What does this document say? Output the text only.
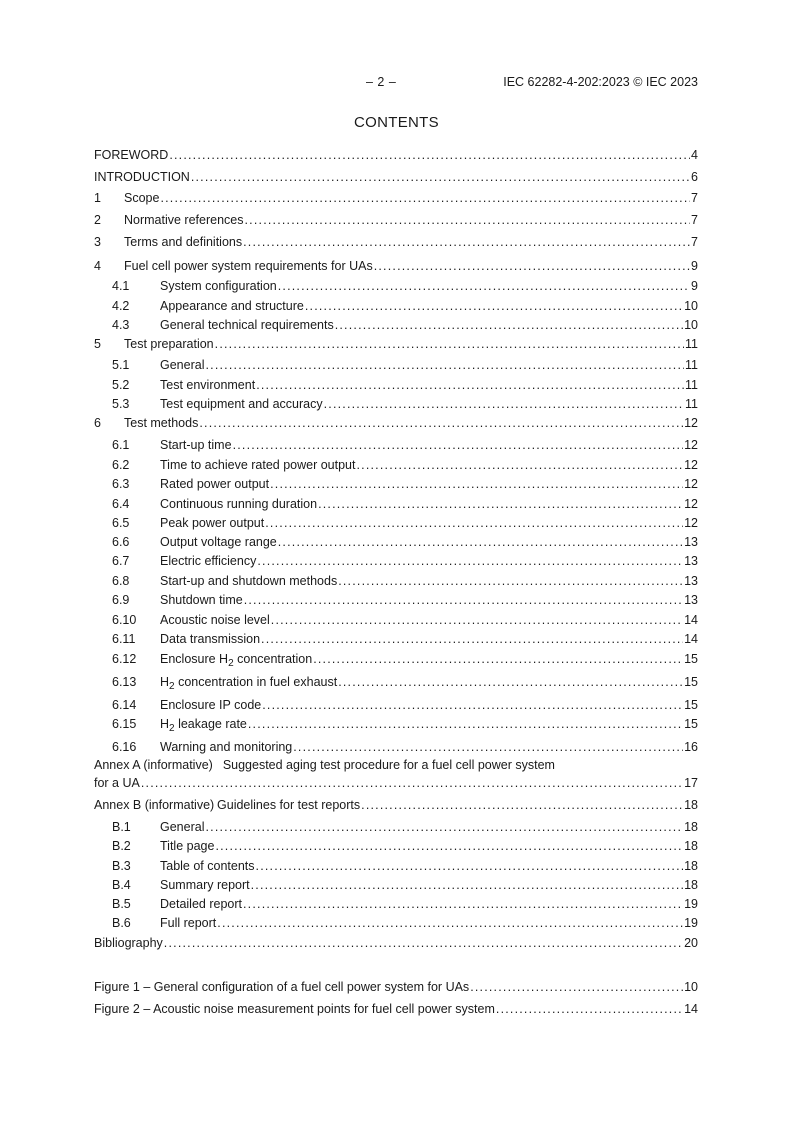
– 2 –	IEC 62282-4-202:2023 © IEC 2023
CONTENTS
FOREWORD .....	4
INTRODUCTION .....	6
1	Scope .....	7
2	Normative references .....	7
3	Terms and definitions .....	7
4	Fuel cell power system requirements for UAs .....	9
4.1	System configuration .....	9
4.2	Appearance and structure .....	10
4.3	General technical requirements .....	10
5	Test preparation .....	11
5.1	General .....	11
5.2	Test environment .....	11
5.3	Test equipment and accuracy .....	11
6	Test methods .....	12
6.1	Start-up time .....	12
6.2	Time to achieve rated power output .....	12
6.3	Rated power output .....	12
6.4	Continuous running duration .....	12
6.5	Peak power output .....	12
6.6	Output voltage range .....	13
6.7	Electric efficiency .....	13
6.8	Start-up and shutdown methods .....	13
6.9	Shutdown time .....	13
6.10	Acoustic noise level .....	14
6.11	Data transmission .....	14
6.12	Enclosure $H_2$ concentration .....	15
6.13	$H_2$ concentration in fuel exhaust .....	15
6.14	Enclosure IP code .....	15
6.15	$H_2$ leakage rate .....	15
6.16	Warning and monitoring .....	16
Annex A (informative) Suggested aging test procedure for a fuel cell power system
for a UA .....	17
Annex B (informative) Guidelines for test reports .....	18
B.1	General .....	18
B.2	Title page .....	18
B.3	Table of contents .....	18
B.4	Summary report .....	18
B.5	Detailed report .....	19
B.6	Full report .....	19
Bibliography .....	20
Figure 1 – General configuration of a fuel cell power system for UAs .....	10
Figure 2 – Acoustic noise measurement points for fuel cell power system .....	14
